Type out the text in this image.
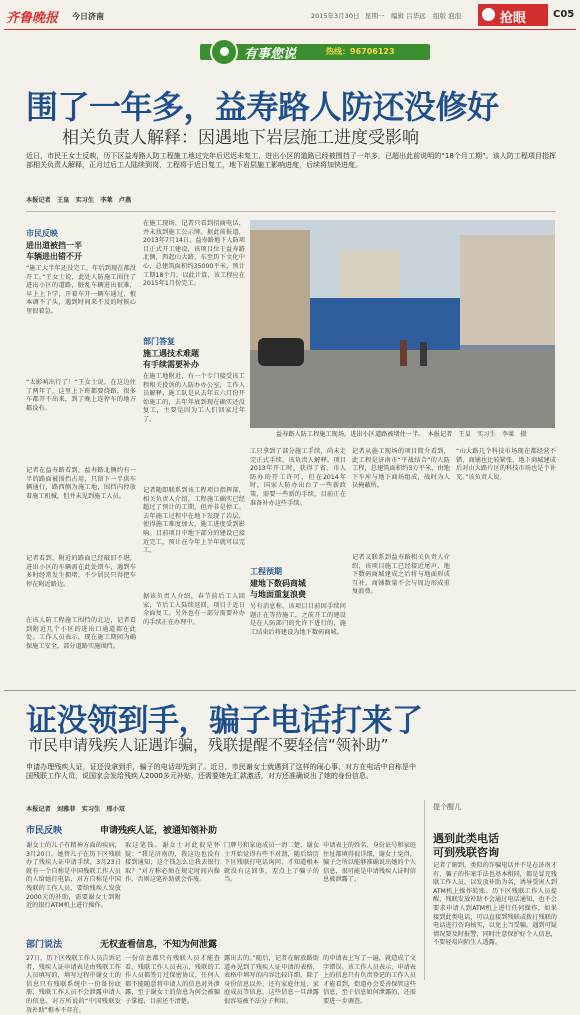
齐鲁晚报 今日济南	2015年3月30日 星期一 编辑 吕华远 组版 泡泡	抢眼	C05
有事您说	热线：96706123
围了一年多，益寿路人防还没修好
相关负责人解释：因遇地下岩层施工进度受影响
近日，市民王女士反映，历下区益寿路人防工程施工地过完年后迟迟未复工，进出小区的道路已经被围挡了一年多，已超出此前说明的“18个月工期”。该人防工程项目指挥部相关负责人解释，正月过后工人陆续到岗，工程将于近日复工，地下岩层施工影响进度，后续将加快进度。
本报记者　王皇　实习生　李莱　卢燕
市民反映
进出道被挡一半
车辆进出错不开
“施工大半年还没完工，年后到现在都没开工。”王女士说，此处人防施工围住了进出小区的道路，脏乱车辆进出很难，早上上下学，开着车开一辆车通过，根本调不了头，遇到时间来不及的时候心里很着急。
“太影响出行了！”王女士说，在这边住了两年了，这里上下班都要绕路，很多车都开不出来，到了晚上连停车的地方都没有。
记者在益寿路看到，益寿路北侧约有一半的路面被围挡占用，只留下一半供车辆通行，路西侧为施工地，围挡内停放着施工机械，但并未见到施工人员。
记者看到，附近的路面已经破旧不堪，进出小区的车辆需在此处错车，遇到车多时经常发生拥堵，不少居民只得把车停在附近路边。
在该人防工程施工围挡的北边，记者看到附近几个小区的进出口通道都在此处。工作人员表示，现在施工期间为确保施工安全，部分道路实施围挡。
在施工现场，记者只看到招商电话，并未找到施工公示牌。据此前报道，2013年7月14日，益寿路地下人防项目正式开工建设，该项目位于益寿路北侧，西起山大路，东至历下文化中心，总建筑面积约35000平米，预计工期18个月，以此计算，该工程应在2015年1月份完工。
部门答复
施工遇技术难题
有手续需要补办
在施工地附近，有一个专门接受该工程相关投诉的人防办办公室，工作人员解释，施工队是从去年五六月份开始施工的，去年年底到现在确实还没复工，主要是因为工人们回家过年了。
记者随即联系到该工程项目指挥部，相关负责人介绍，工程施工确实已经超过了预计的工期，但并非是停工。去年施工过程中在地下发现了岩层，使得施工难度加大，施工进度受到影响。目前项目中地下部分的建设已接近完工，预计在今年上半年就可以完工。
据该负责人介绍，春节前后工人回家，节后工人陆续返回，项目于近日全面复工。另外也有一部分需要补办的手续正在办理中。
益寿路人防工程施工现场，进出小区道路被堵住一半。　本报记者　王皇　实习生　李莱　摄
工只拿到了部分施工手续，尚未走完正式手续，该负责人解释。项目2013年开工时，获得了省、市人防办的开工许可，但在2014年时，国家人防办出台了一些新政策，需要一些新的手续，目前正在准备补办这些手续。
工程预期
建地下数码商城
与地面重复浪费
另有消息称，该项目目前因手续问题正在等待施工，之前开工的建设是在人防部门的允许下进行的，施工结束后将建设为地下数码商城。
记者从施工现场的项目简介看到，此工程是济南市“平战结合”的人防工程，总建筑面积约3万平米，由地下车库与地下商场组成，战时为人员掩蔽所。
记者又联系到益寿路相关负责人介绍，该项目施工已经接近尾声，地下数码商城建成之后将与地面形成互补，商铺数量不会与周边形成重复浪费。
“山大路几个科技市场现在都经营不错，商铺也比较紧张，地下商城建成后对山大路片区的科技市场也是个补充。”该负责人说。
证没领到手，骗子电话打来了
市民申请残疾人证遇诈骗，残联提醒不要轻信“领补助”
申请办理残疾人证，证还没拿到手，骗子的电话却先到了。近日，市民谢女士就遇到了这样的闹心事，对方在电话中自称是中国残联工作人员，说国家会发给残疾人2000多元补贴，还需要她先汇款激活，对方还准确说出了她的身份信息。
本报记者　刘雅菲　实习生　邢小双
市民反映	申请残疾人证，被通知领补助
谢女士的儿子有精神方面的疾病，3月20日，她替儿子在历下区残联办了残疾人证申请手续，3月23日就有一个自称是中国残联工作人员的人给她打电话，对方自称是中国残联的工作人员，要给残疾人发放2000元的补助，需要谢女士到附近的银行ATM机上进行操作。
取这笔钱。谢女士对此很是怀疑：“我是济南的，我这边也没有接到通知，这个钱怎么让我去银行取？”对方称必须在规定时间内操作，否则这笔补助就会作废。
门牌号和家庭成员一清二楚，谢女士开始觉得有些不对劲，随后给历下区残联打电话询问，才知道根本就没有这回事，差点上了骗子的当。
申请表上的姓名、身份证号和家庭住址都填得很详细，谢女士觉得，骗子之所以能够准确说出她的个人信息，很可能是申请残疾人证时信息被泄露了。
部门说法	无权查看信息，不知为何泄露
27日，历下区残联工作人员告诉记者，残疾人证申请表是由残联工作人员填写的，填写过程中谢女士的信息只有残联系统中一份备份底册，残联工作人员不会泄露申请人的信息，对方所说的“中国残联发放补助”根本不存在。
一份信息都只有残联人员才能查看，残联工作人员表示，残联的工作人员都签订过保密协议，任何人都不能随意将申请人的信息对外泄露，至于谢女士的信息为何会被骗子掌握，目前还不清楚。
露出去的。”随后，记者在解放路街道办见到了残疾人证申请的表格，表格中填写的内容比较详细，除了身份信息以外，还有家庭住址、家庭成员等信息，这些信息一旦泄露很容易被不法分子利用。
的申请表上写了一遍，就造成了文字错误。该工作人员表示，申请表上的信息只有负责登记的工作人员才能看到，街道办会妥善保管这些信息，至于信息如何泄露的，还需要进一步调查。
提个醒儿
遇到此类电话
可到残联咨询
记者了解到，类似的诈骗电话并不是在济南才有，骗子的作案手法也基本相同，都是冒充残联工作人员，以发放补助为名，诱导受害人到ATM机上操作转账。历下区残联工作人员提醒，残联发放补助不会通过电话通知，也不会要求申请人到ATM机上进行任何操作，如果接到此类电话，可以直接到残联或拨打残联的电话进行咨询核实，以免上当受骗。遇到可疑情况要及时报警，同时注意保护好个人信息，不要轻易向陌生人透露。
